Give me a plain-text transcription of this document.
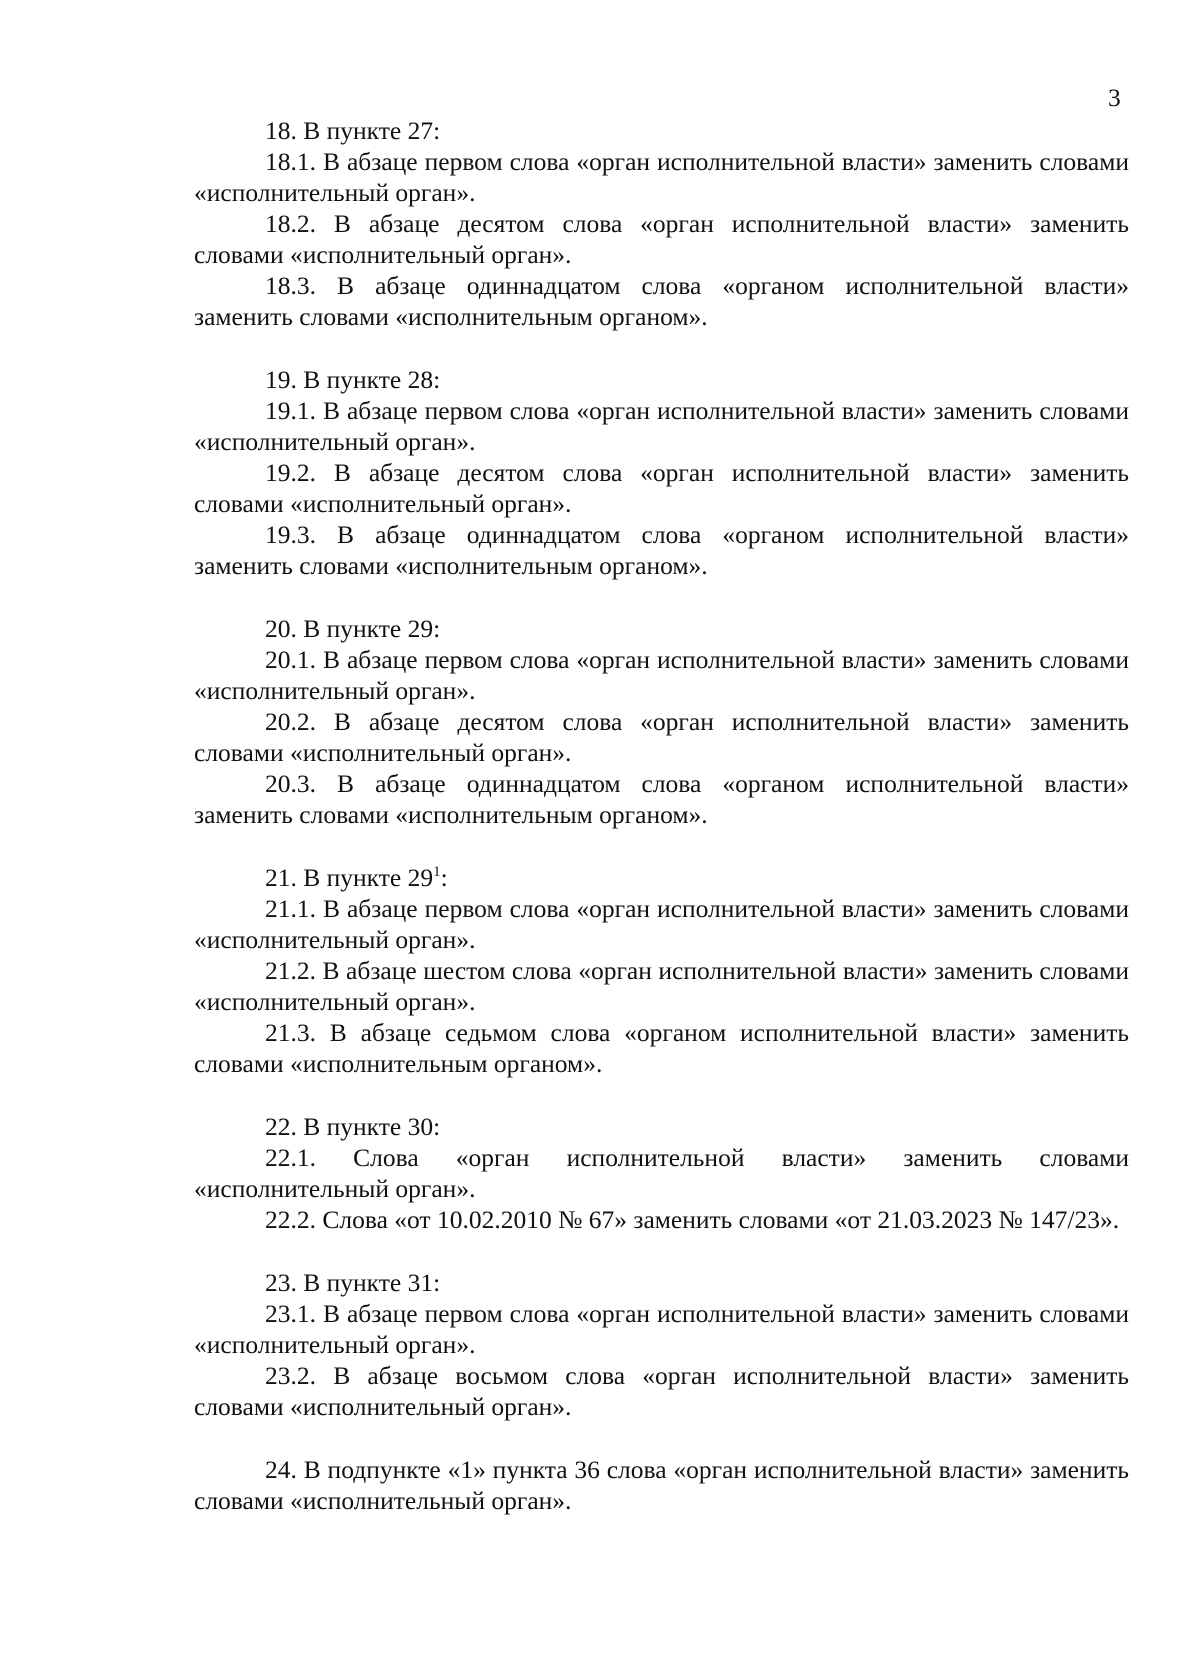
3

18. В пункте 27:

18.1. В абзаце первом слова «орган исполнительной власти» заменить словами «исполнительный орган».

18.2. В абзаце десятом слова «орган исполнительной власти» заменить словами «исполнительный орган».

18.3. В абзаце одиннадцатом слова «органом исполнительной власти» заменить словами «исполнительным органом».

19. В пункте 28:

19.1. В абзаце первом слова «орган исполнительной власти» заменить словами «исполнительный орган».

19.2. В абзаце десятом слова «орган исполнительной власти» заменить словами «исполнительный орган».

19.3. В абзаце одиннадцатом слова «органом исполнительной власти» заменить словами «исполнительным органом».

20. В пункте 29:

20.1. В абзаце первом слова «орган исполнительной власти» заменить словами «исполнительный орган».

20.2. В абзаце десятом слова «орган исполнительной власти» заменить словами «исполнительный орган».

20.3. В абзаце одиннадцатом слова «органом исполнительной власти» заменить словами «исполнительным органом».

21. В пункте $29^1$:

21.1. В абзаце первом слова «орган исполнительной власти» заменить словами «исполнительный орган».

21.2. В абзаце шестом слова «орган исполнительной власти» заменить словами «исполнительный орган».

21.3. В абзаце седьмом слова «органом исполнительной власти» заменить словами «исполнительным органом».

22. В пункте 30:

22.1. Слова «орган исполнительной власти» заменить словами «исполнительный орган».

22.2. Слова «от 10.02.2010 № 67» заменить словами «от 21.03.2023 № 147/23».

23. В пункте 31:

23.1. В абзаце первом слова «орган исполнительной власти» заменить словами «исполнительный орган».

23.2. В абзаце восьмом слова «орган исполнительной власти» заменить словами «исполнительный орган».

24. В подпункте «1» пункта 36 слова «орган исполнительной власти» заменить словами «исполнительный орган».
